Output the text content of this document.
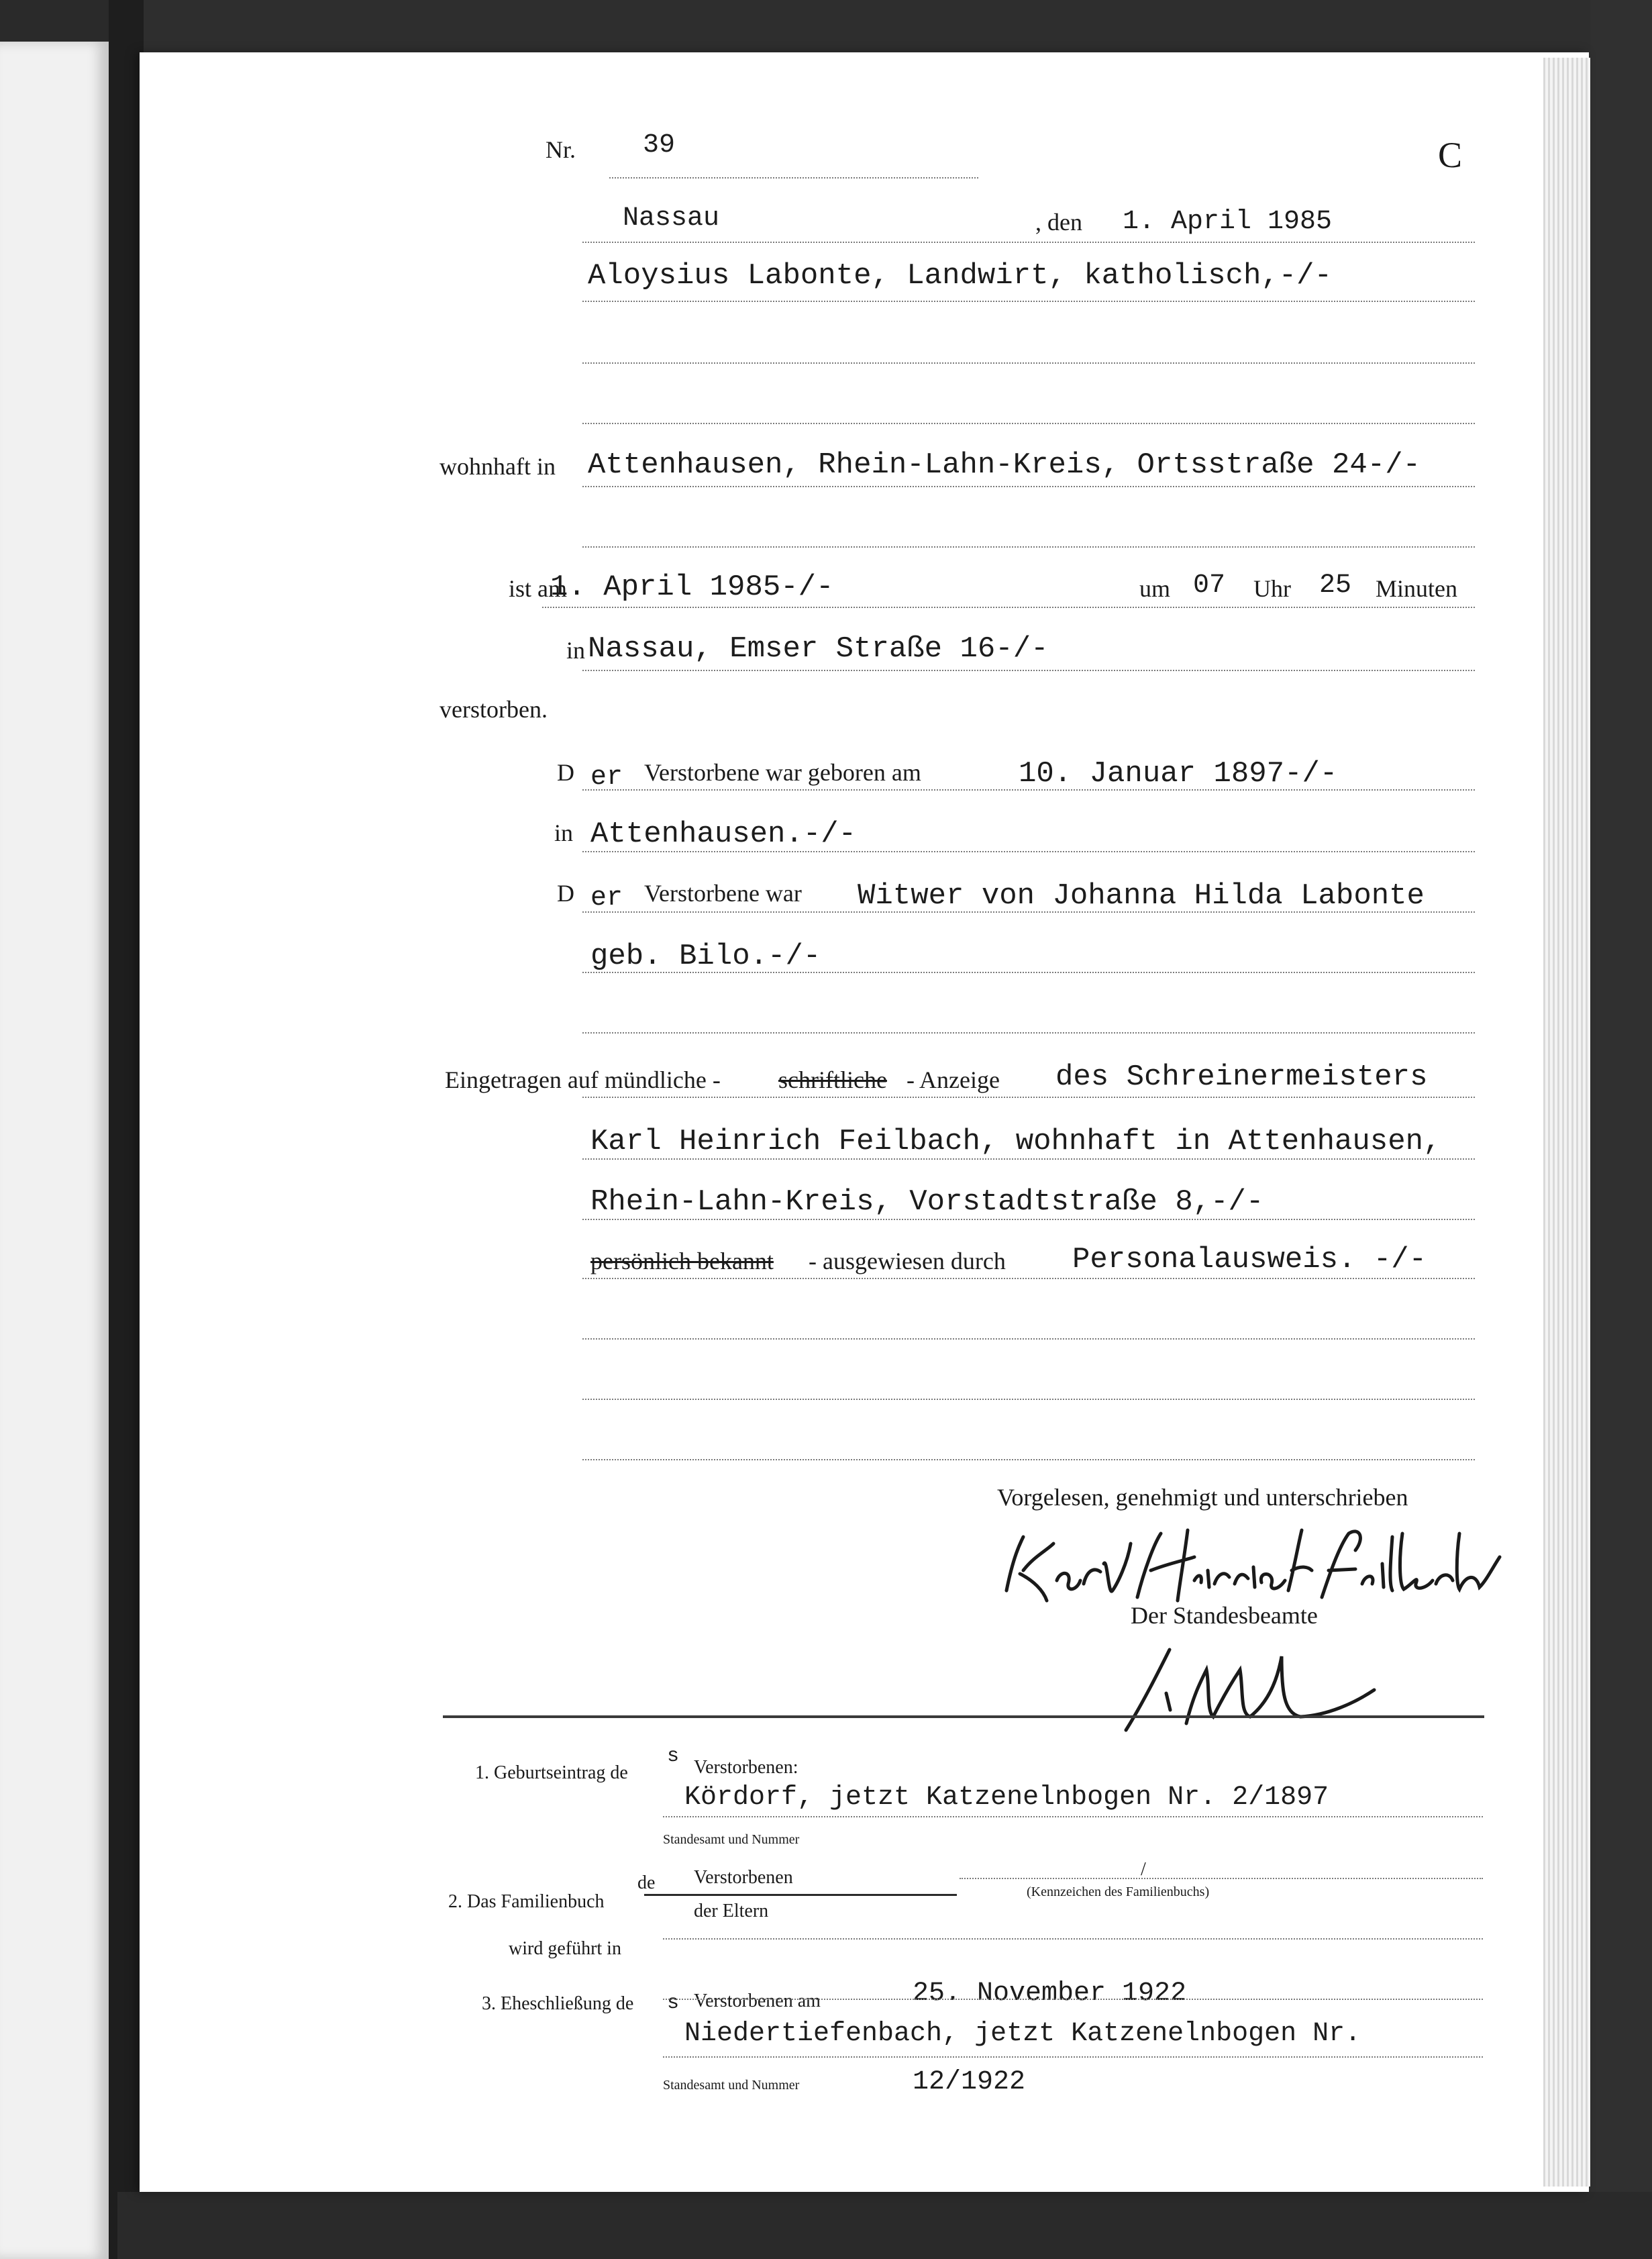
Nr.	39	C
Nassau	, den 1. April 1985
Aloysius Labonte, Landwirt, katholisch,-/-
wohnhaft in Attenhausen, Rhein-Lahn-Kreis, Ortsstraße 24-/-
ist am
1. April 1985-/-	um 07 Uhr 25 Minuten
in Nassau, Emser Straße 16-/-
verstorben.
D er Verstorbene war geboren am	10. Januar 1897-/-
in Attenhausen.-/-
D er Verstorbene war Witwer von Johanna Hilda Labonte
geb. Bilo.-/-
Eingetragen auf mündliche - schriftliche - Anzeige des Schreinermeisters
Karl Heinrich Feilbach, wohnhaft in Attenhausen,
Rhein-Lahn-Kreis, Vorstadtstraße 8,-/-
persönlich bekannt - ausgewiesen durch Personalausweis. -/-
Vorgelesen, genehmigt und unterschrieben
Der Standesbeamte
1. Geburtseintrag de
s Verstorbenen:
Kördorf, jetzt Katzenelnbogen Nr. 2/1897
Standesamt und Nummer
2. Das Familienbuch
de Verstorbenen
der Eltern
/
(Kennzeichen des Familienbuchs)
wird geführt in
3. Eheschließung de s Verstorbenen am	25. November 1922
Niedertiefenbach, jetzt Katzenelnbogen Nr.
Standesamt und Nummer	12/1922
